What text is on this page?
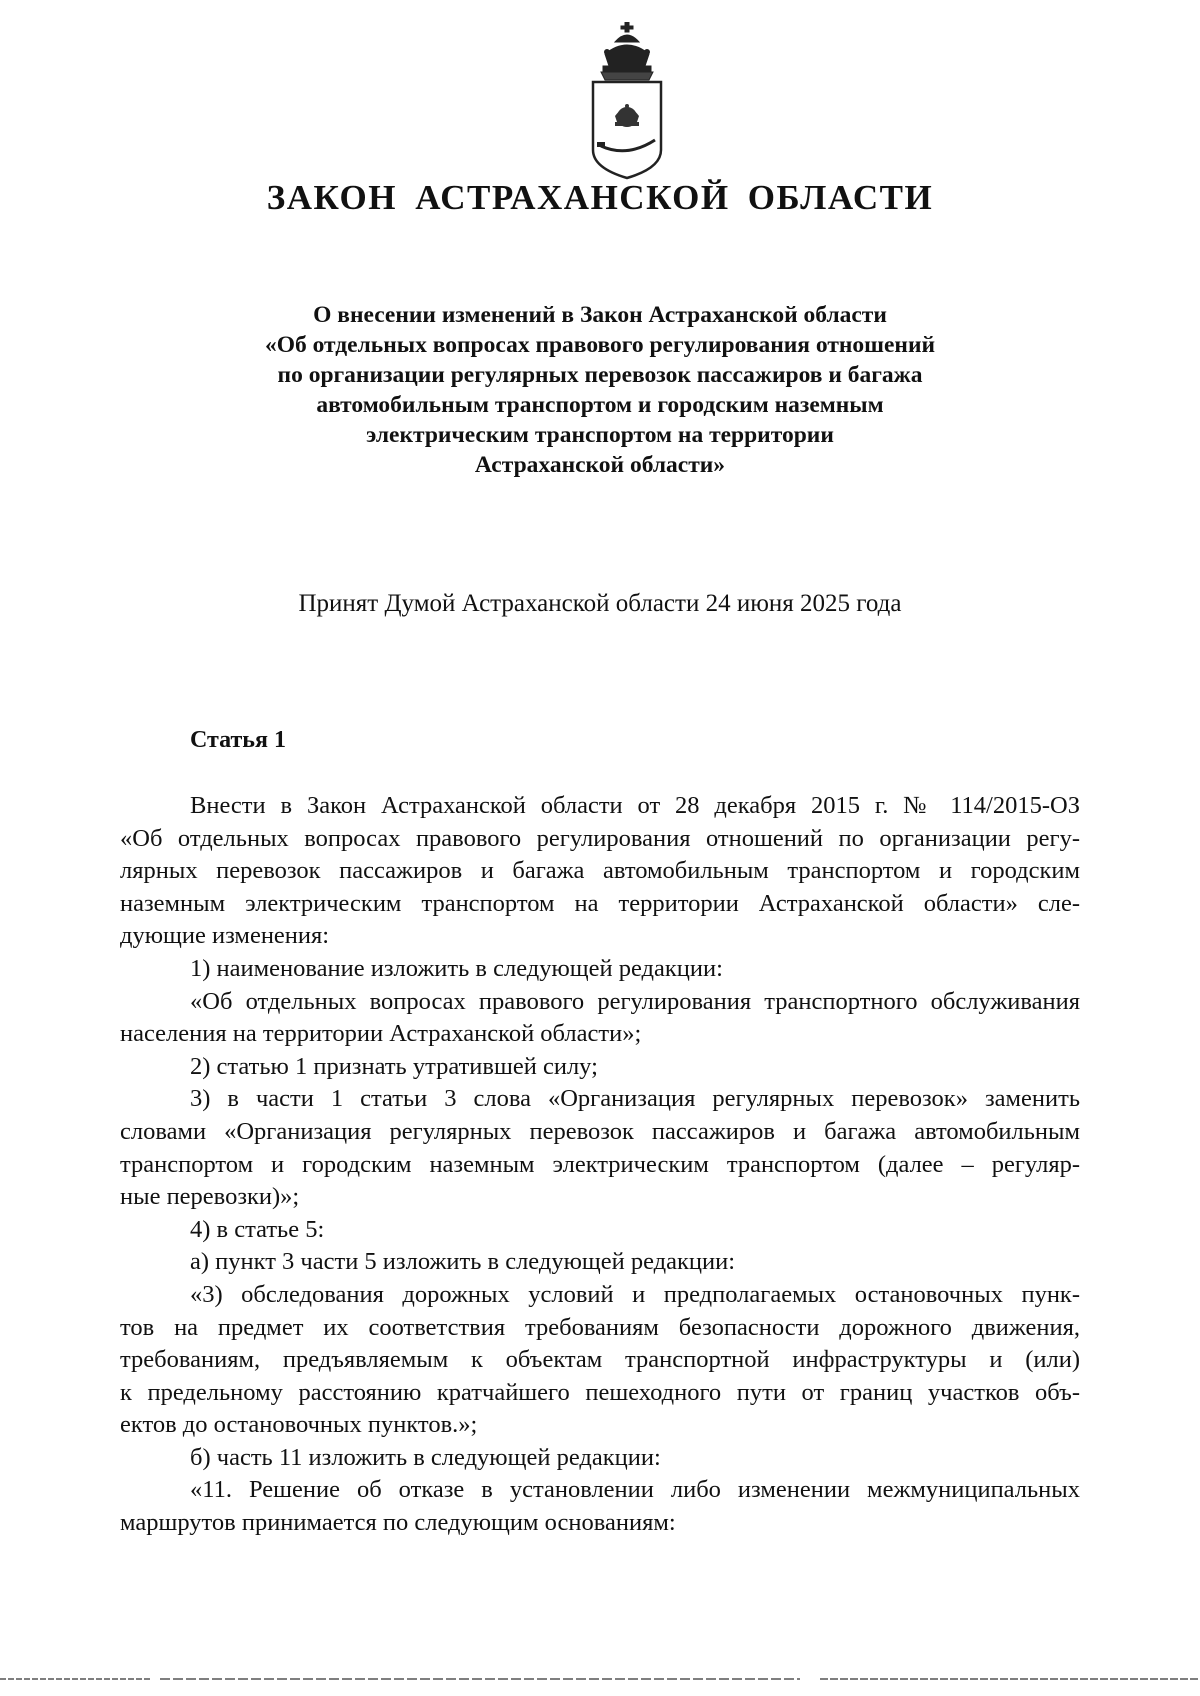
ЗАКОН АСТРАХАНСКОЙ ОБЛАСТИ
О внесении изменений в Закон Астраханской области
«Об отдельных вопросах правового регулирования отношений
по организации регулярных перевозок пассажиров и багажа
автомобильным транспортом и городским наземным
электрическим транспортом на территории
Астраханской области»
Принят Думой Астраханской области 24 июня 2025 года
Статья 1
Внести в Закон Астраханской области от 28 декабря 2015 г. № 114/2015-ОЗ
«Об отдельных вопросах правового регулирования отношений по организации регу-
лярных перевозок пассажиров и багажа автомобильным транспортом и городским
наземным электрическим транспортом на территории Астраханской области» сле-
дующие изменения:
1) наименование изложить в следующей редакции:
«Об отдельных вопросах правового регулирования транспортного обслуживания
населения на территории Астраханской области»;
2) статью 1 признать утратившей силу;
3) в части 1 статьи 3 слова «Организация регулярных перевозок» заменить
словами «Организация регулярных перевозок пассажиров и багажа автомобильным
транспортом и городским наземным электрическим транспортом (далее – регуляр-
ные перевозки)»;
4) в статье 5:
а) пункт 3 части 5 изложить в следующей редакции:
«3) обследования дорожных условий и предполагаемых остановочных пунк-
тов на предмет их соответствия требованиям безопасности дорожного движения,
требованиям, предъявляемым к объектам транспортной инфраструктуры и (или)
к предельному расстоянию кратчайшего пешеходного пути от границ участков объ-
ектов до остановочных пунктов.»;
б) часть 11 изложить в следующей редакции:
«11. Решение об отказе в установлении либо изменении межмуниципальных
маршрутов принимается по следующим основаниям:
